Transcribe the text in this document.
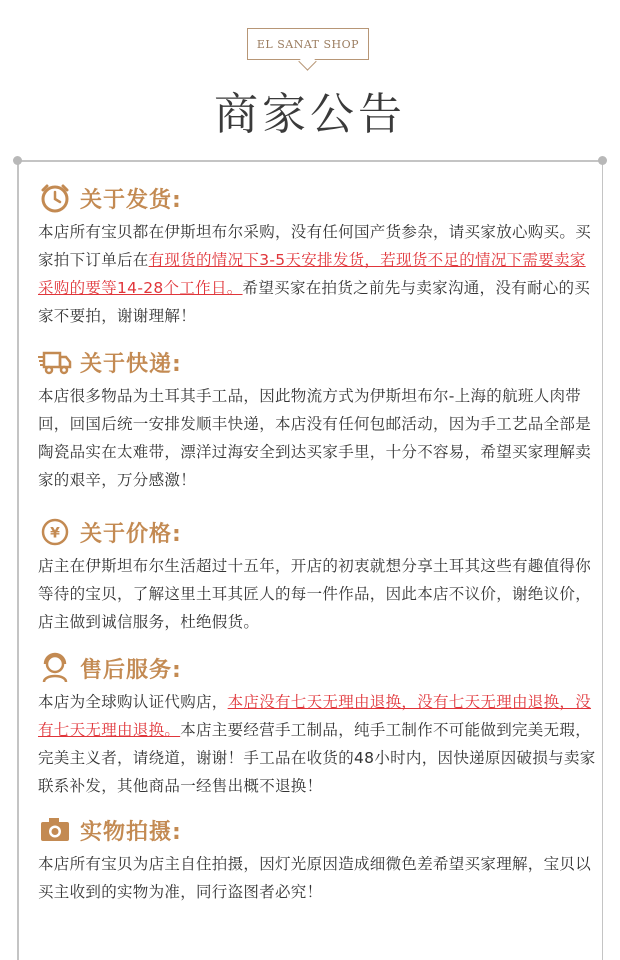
EL SANAT SHOP
商家公告
关于发货:
本店所有宝贝都在伊斯坦布尔采购，没有任何国产货参杂，请买家放心购买。买家拍下订单后在有现货的情况下3-5天安排发货，若现货不足的情况下需要卖家采购的要等14-28个工作日。希望买家在拍货之前先与卖家沟通，没有耐心的买家不要拍，谢谢理解！
关于快递:
本店很多物品为土耳其手工品，因此物流方式为伊斯坦布尔-上海的航班人肉带回，回国后统一安排发顺丰快递，本店没有任何包邮活动，因为手工艺品全部是陶瓷品实在太难带，漂洋过海安全到达买家手里，十分不容易，希望买家理解卖家的艰辛，万分感激！
¥ 关于价格:
店主在伊斯坦布尔生活超过十五年，开店的初衷就想分享土耳其这些有趣值得你等待的宝贝，了解这里土耳其匠人的每一件作品，因此本店不议价，谢绝议价，店主做到诚信服务，杜绝假货。
售后服务:
本店为全球购认证代购店，本店没有七天无理由退换，没有七天无理由退换，没有七天无理由退换。本店主要经营手工制品，纯手工制作不可能做到完美无瑕，完美主义者，请绕道，谢谢！手工品在收货的48小时内，因快递原因破损与卖家联系补发，其他商品一经售出概不退换！
实物拍摄:
本店所有宝贝为店主自住拍摄，因灯光原因造成细微色差希望买家理解，宝贝以买主收到的实物为准，同行盗图者必究！
